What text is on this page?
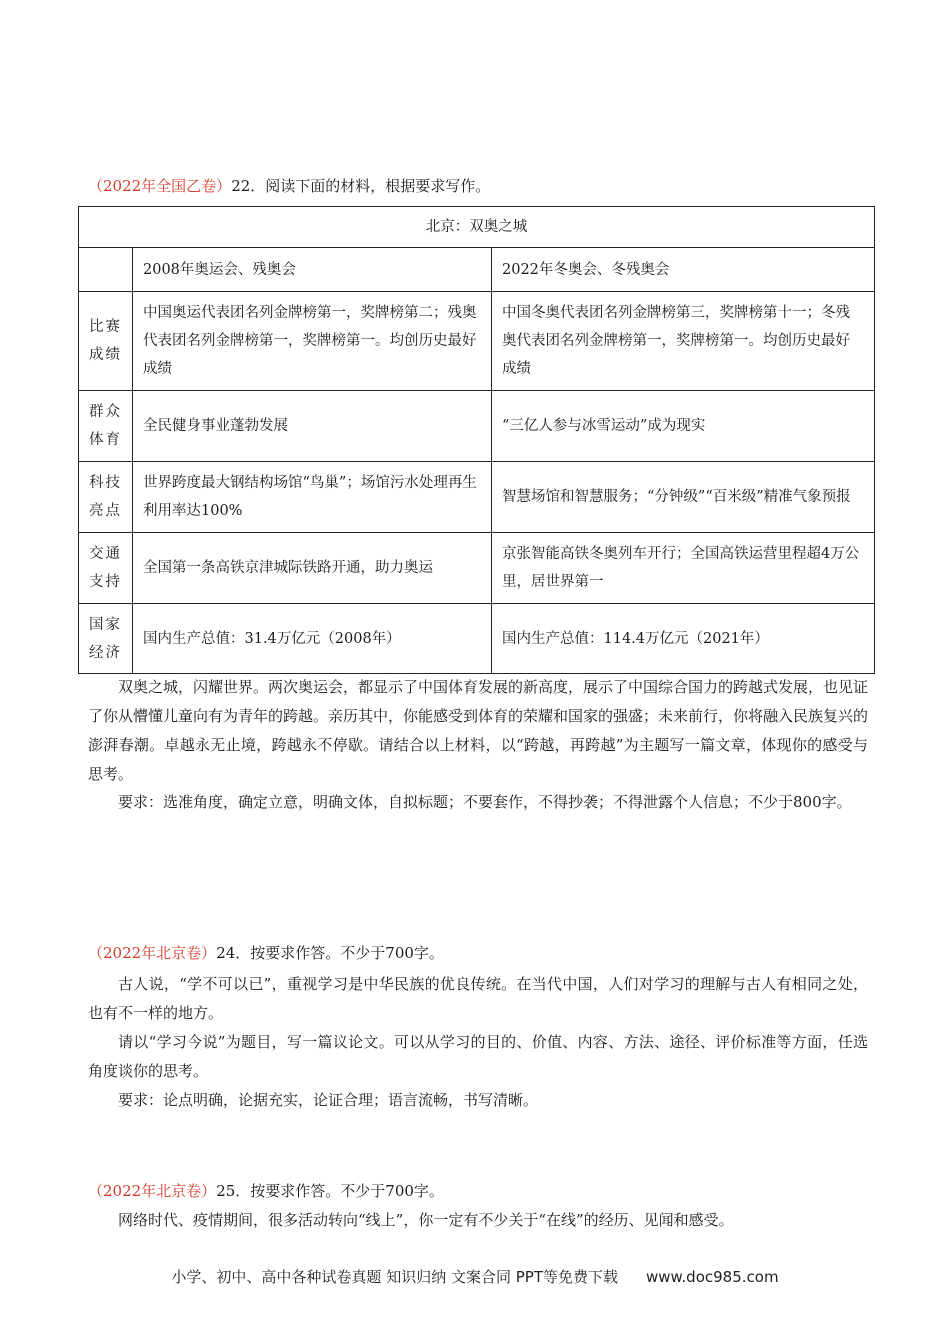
（2022年全国乙卷）22．阅读下面的材料，根据要求写作。
北京：双奥之城		
	2008年奥运会、残奥会	2022年冬奥会、冬残奥会
比赛成绩	中国奥运代表团名列金牌榜第一，奖牌榜第二；残奥代表团名列金牌榜第一，奖牌榜第一。均创历史最好成绩	中国冬奥代表团名列金牌榜第三，奖牌榜第十一；冬残奥代表团名列金牌榜第一，奖牌榜第一。均创历史最好成绩
群众体育	全民健身事业蓬勃发展	“三亿人参与冰雪运动”成为现实
科技亮点	世界跨度最大钢结构场馆“鸟巢”；场馆污水处理再生利用率达100%	智慧场馆和智慧服务；“分钟级”“百米级”精准气象预报
交通支持	全国第一条高铁京津城际铁路开通，助力奥运	京张智能高铁冬奥列车开行；全国高铁运营里程超4万公里，居世界第一
国家经济	国内生产总值：31.4万亿元（2008年）	国内生产总值：114.4万亿元（2021年）
双奥之城，闪耀世界。两次奥运会，都显示了中国体育发展的新高度，展示了中国综合国力的跨越式发展，也见证了你从懵懂儿童向有为青年的跨越。亲历其中，你能感受到体育的荣耀和国家的强盛；未来前行，你将融入民族复兴的澎湃春潮。卓越永无止境，跨越永不停歇。请结合以上材料，以“跨越，再跨越”为主题写一篇文章，体现你的感受与思考。
要求：选准角度，确定立意，明确文体，自拟标题；不要套作，不得抄袭；不得泄露个人信息；不少于800字。
（2022年北京卷）24．按要求作答。不少于700字。
古人说，“学不可以已”，重视学习是中华民族的优良传统。在当代中国，人们对学习的理解与古人有相同之处，也有不一样的地方。
请以“学习今说”为题目，写一篇议论文。可以从学习的目的、价值、内容、方法、途径、评价标准等方面，任选角度谈你的思考。
要求：论点明确，论据充实，论证合理；语言流畅，书写清晰。
（2022年北京卷）25．按要求作答。不少于700字。
网络时代、疫情期间，很多活动转向“线上”，你一定有不少关于“在线”的经历、见闻和感受。
小学、初中、高中各种试卷真题 知识归纳 文案合同 PPT等免费下载 www.doc985.com
